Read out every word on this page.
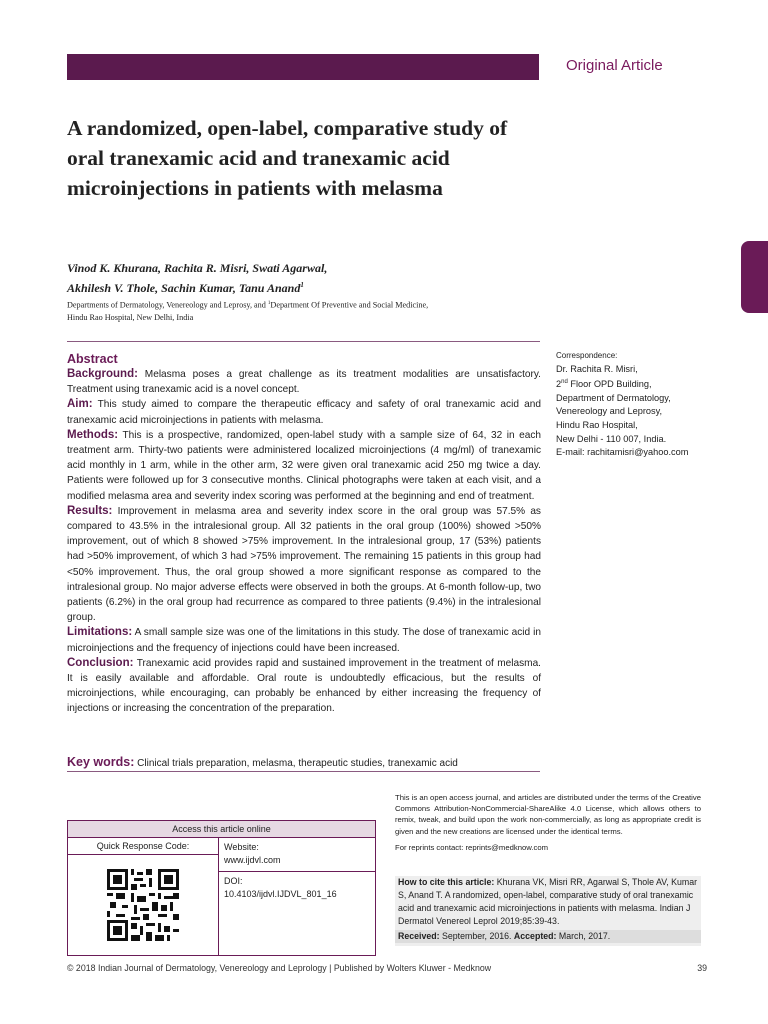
Original Article
A randomized, open-label, comparative study of oral tranexamic acid and tranexamic acid microinjections in patients with melasma
Vinod K. Khurana, Rachita R. Misri, Swati Agarwal,
Akhilesh V. Thole, Sachin Kumar, Tanu Anand$^1$
Departments of Dermatology, Venereology and Leprosy, and $^1$Department Of Preventive and Social Medicine,
Hindu Rao Hospital, New Delhi, India
Abstract

Background: Melasma poses a great challenge as its treatment modalities are unsatisfactory. Treatment using tranexamic acid is a novel concept.

Aim: This study aimed to compare the therapeutic efficacy and safety of oral tranexamic acid and tranexamic acid microinjections in patients with melasma.

Methods: This is a prospective, randomized, open-label study with a sample size of 64, 32 in each treatment arm. Thirty-two patients were administered localized microinjections (4 mg/ml) of tranexamic acid monthly in 1 arm, while in the other arm, 32 were given oral tranexamic acid 250 mg twice a day. Patients were followed up for 3 consecutive months. Clinical photographs were taken at each visit, and a modified melasma area and severity index scoring was performed at the beginning and end of treatment.

Results: Improvement in melasma area and severity index score in the oral group was 57.5% as compared to 43.5% in the intralesional group. All 32 patients in the oral group (100%) showed >50% improvement, out of which 8 showed >75% improvement. In the intralesional group, 17 (53%) patients had >50% improvement, of which 3 had >75% improvement. The remaining 15 patients in this group had <50% improvement. Thus, the oral group showed a more significant response as compared to the intralesional group. No major adverse effects were observed in both the groups. At 6-month follow-up, two patients (6.2%) in the oral group had recurrence as compared to three patients (9.4%) in the intralesional group.

Limitations: A small sample size was one of the limitations in this study. The dose of tranexamic acid in microinjections and the frequency of injections could have been increased.

Conclusion: Tranexamic acid provides rapid and sustained improvement in the treatment of melasma. It is easily available and affordable. Oral route is undoubtedly efficacious, but the results of microinjections, while encouraging, can probably be enhanced by either increasing the frequency of injections or increasing the concentration of the preparation.

Correspondence:
Dr. Rachita R. Misri,
2nd Floor OPD Building,
Department of Dermatology,
Venereology and Leprosy,
Hindu Rao Hospital,
New Delhi - 110 007, India.
E-mail: rachitamisri@yahoo.com
Key words: Clinical trials preparation, melasma, therapeutic studies, tranexamic acid
Access this article online
Quick Response Code:	Website:
www.ijdvl.com
DOI:
10.4103/ijdvl.IJDVL_801_16

This is an open access journal, and articles are distributed under the terms of the Creative Commons Attribution-NonCommercial-ShareAlike 4.0 License, which allows others to remix, tweak, and build upon the work non-commercially, as long as appropriate credit is given and the new creations are licensed under the identical terms.

For reprints contact: reprints@medknow.com

How to cite this article: Khurana VK, Misri RR, Agarwal S, Thole AV, Kumar S, Anand T. A randomized, open-label, comparative study of oral tranexamic acid and tranexamic acid microinjections in patients with melasma. Indian J Dermatol Venereol Leprol 2019;85:39-43.

Received: September, 2016. Accepted: March, 2017.

© 2018 Indian Journal of Dermatology, Venereology and Leprology | Published by Wolters Kluwer - Medknow	39
